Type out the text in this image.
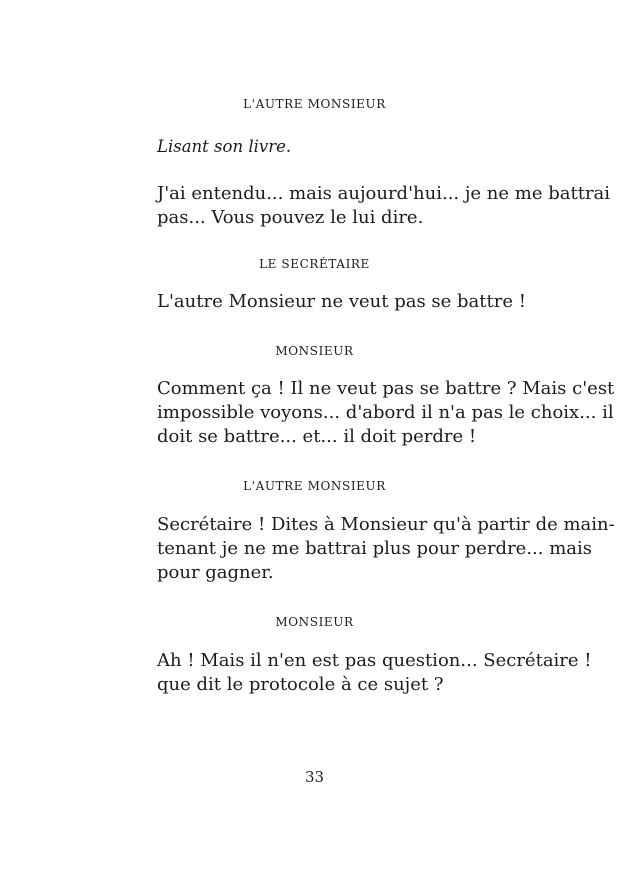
L'AUTRE MONSIEUR
Lisant son livre.
J'ai entendu... mais aujourd'hui... je ne me battrai
pas... Vous pouvez le lui dire.
LE SECRÉTAIRE
L'autre Monsieur ne veut pas se battre !
MONSIEUR
Comment ça ! Il ne veut pas se battre ? Mais c'est
impossible voyons... d'abord il n'a pas le choix... il
doit se battre... et... il doit perdre !
L'AUTRE MONSIEUR
Secrétaire ! Dites à Monsieur qu'à partir de main-
tenant je ne me battrai plus pour perdre... mais
pour gagner.
MONSIEUR
Ah ! Mais il n'en est pas question... Secrétaire !
que dit le protocole à ce sujet ?
33
